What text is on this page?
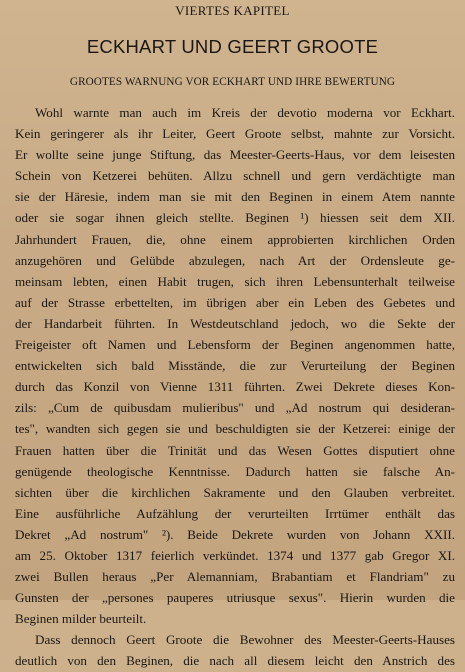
VIERTES KAPITEL
ECKHART UND GEERT GROOTE
GROOTES WARNUNG VOR ECKHART UND IHRE BEWERTUNG
Wohl warnte man auch im Kreis der devotio moderna vor Eckhart.
Kein geringerer als ihr Leiter, Geert Groote selbst, mahnte zur Vorsicht.
Er wollte seine junge Stiftung, das Meester-Geerts-Haus, vor dem leisesten
Schein von Ketzerei behüten. Allzu schnell und gern verdächtigte man
sie der Häresie, indem man sie mit den Beginen in einem Atem nannte
oder sie sogar ihnen gleich stellte. Beginen ¹) hiessen seit dem XII.
Jahrhundert Frauen, die, ohne einem approbierten kirchlichen Orden
anzugehören und Gelübde abzulegen, nach Art der Ordensleute ge-
meinsam lebten, einen Habit trugen, sich ihren Lebensunterhalt teilweise
auf der Strasse erbettelten, im übrigen aber ein Leben des Gebetes und
der Handarbeit führten. In Westdeutschland jedoch, wo die Sekte der
Freigeister oft Namen und Lebensform der Beginen angenommen hatte,
entwickelten sich bald Misstände, die zur Verurteilung der Beginen
durch das Konzil von Vienne 1311 führten. Zwei Dekrete dieses Kon-
zils: „Cum de quibusdam mulieribus" und „Ad nostrum qui desideran-
tes", wandten sich gegen sie und beschuldigten sie der Ketzerei: einige der
Frauen hatten über die Trinität und das Wesen Gottes disputiert ohne
genügende theologische Kenntnisse. Dadurch hatten sie falsche An-
sichten über die kirchlichen Sakramente und den Glauben verbreitet.
Eine ausführliche Aufzählung der verurteilten Irrtümer enthält das
Dekret „Ad nostrum" ²). Beide Dekrete wurden von Johann XXII.
am 25. Oktober 1317 feierlich verkündet. 1374 und 1377 gab Gregor XI.
zwei Bullen heraus „Per Alemanniam, Brabantiam et Flandriam" zu
Gunsten der „persones pauperes utriusque sexus". Hierin wurden die
Beginen milder beurteilt.
Dass dennoch Geert Groote die Bewohner des Meester-Geerts-Hauses
deutlich von den Beginen, die nach all diesem leicht den Anstrich des
